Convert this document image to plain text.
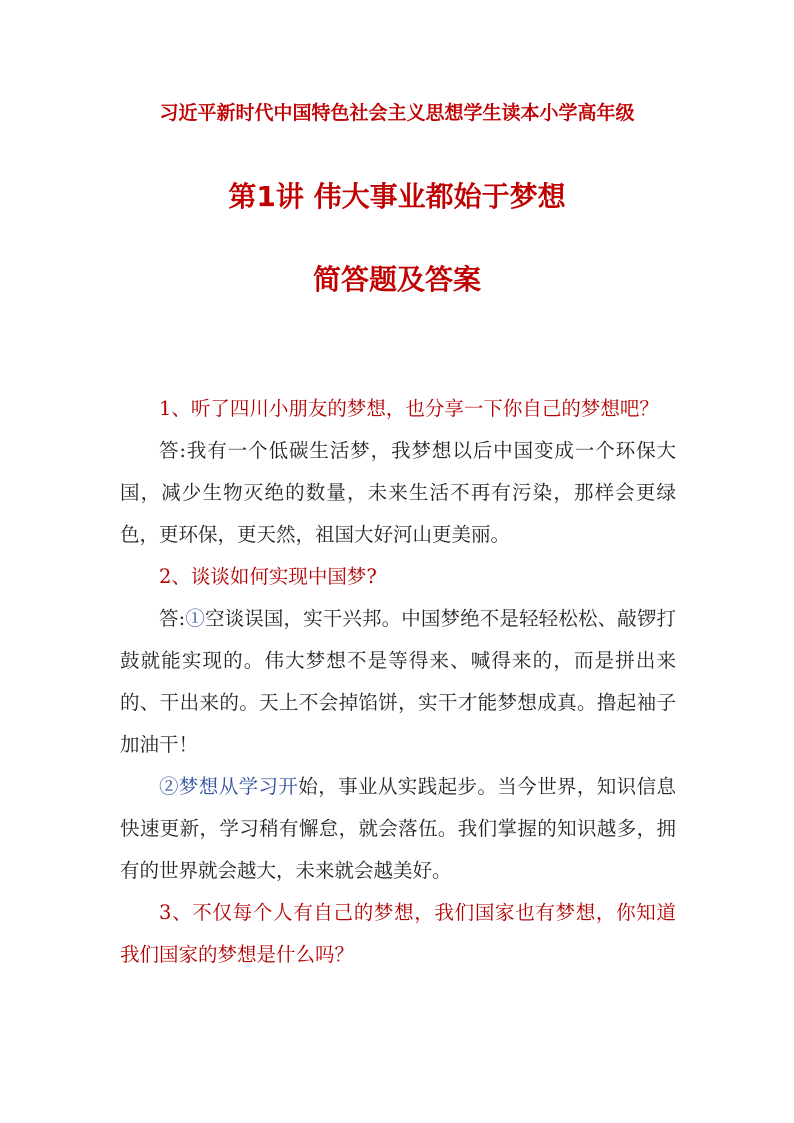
习近平新时代中国特色社会主义思想学生读本小学高年级
第1讲 伟大事业都始于梦想
简答题及答案

1、听了四川小朋友的梦想，也分享一下你自己的梦想吧？

答:我有一个低碳生活梦，我梦想以后中国变成一个环保大国，减少生物灭绝的数量，未来生活不再有污染，那样会更绿色，更环保，更天然，祖国大好河山更美丽。

2、谈谈如何实现中国梦?

答:①空谈误国，实干兴邦。中国梦绝不是轻轻松松、敲锣打鼓就能实现的。伟大梦想不是等得来、喊得来的，而是拼出来的、干出来的。天上不会掉馅饼，实干才能梦想成真。撸起袖子加油干！

②梦想从学习开始，事业从实践起步。当今世界，知识信息快速更新，学习稍有懈怠，就会落伍。我们掌握的知识越多，拥有的世界就会越大，未来就会越美好。

3、不仅每个人有自己的梦想，我们国家也有梦想，你知道我们国家的梦想是什么吗？
